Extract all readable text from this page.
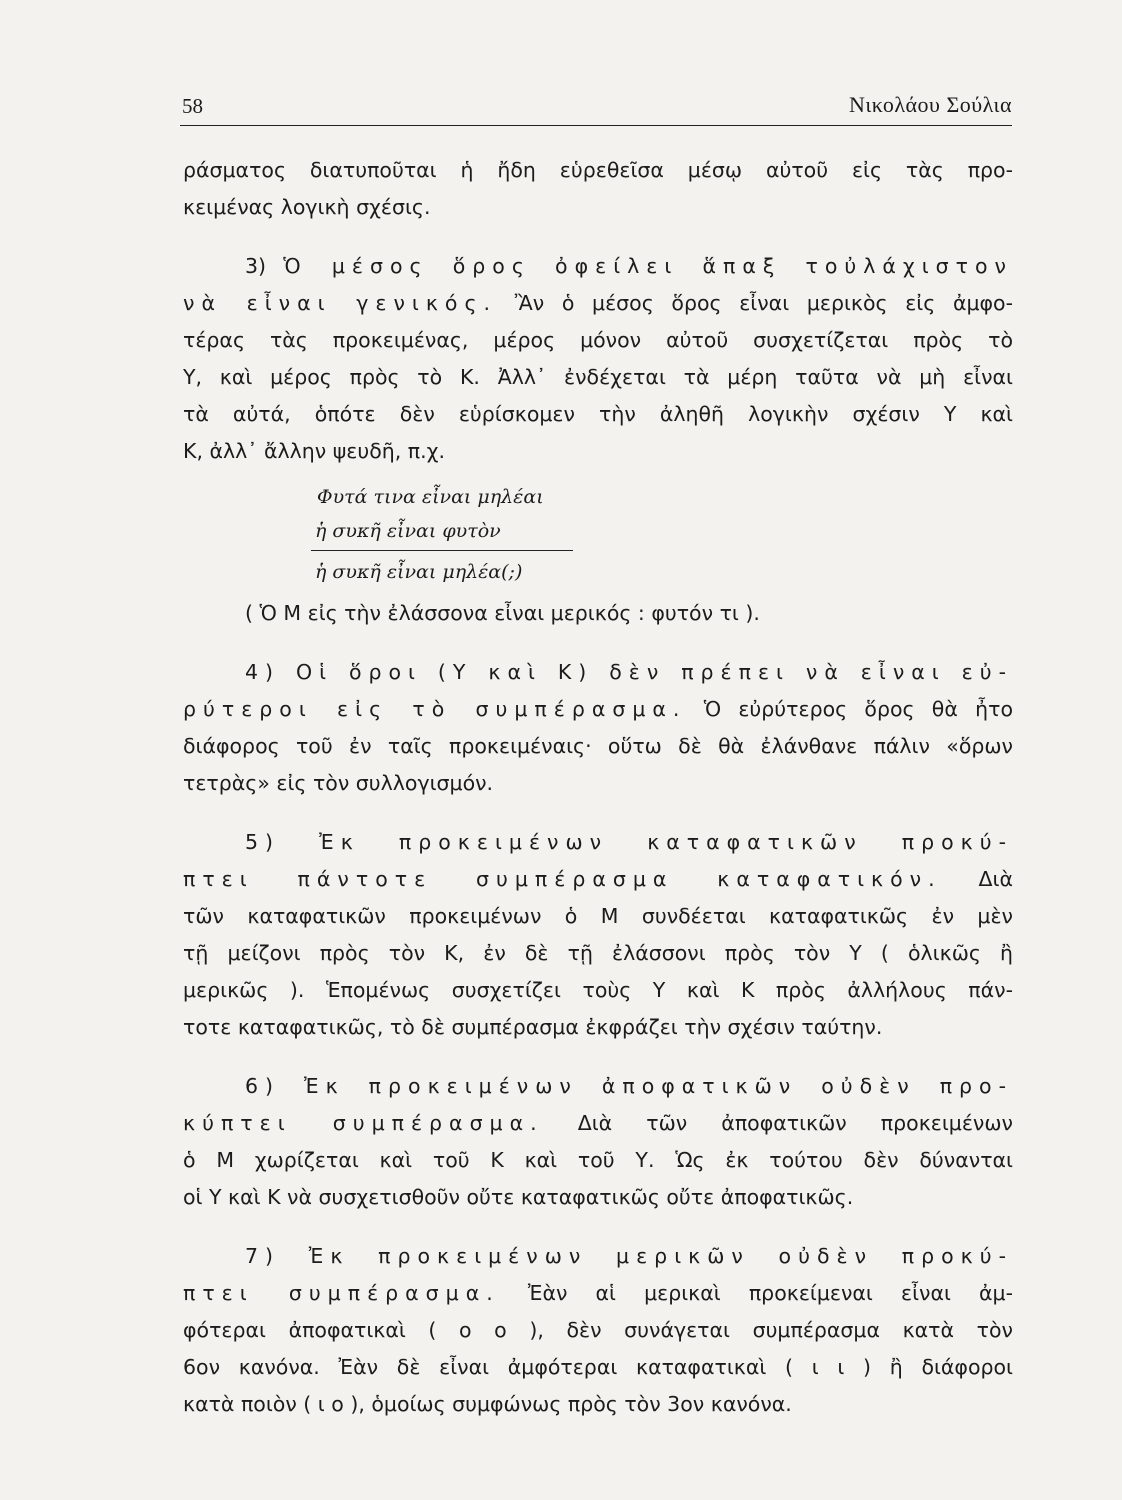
58	Νικολάου Σούλια
ράσματος διατυποῦται ἡ ἤδη εὑρεθεῖσα μέσῳ αὐτοῦ εἰς τὰς προ-
κειμένας λογικὴ σχέσις.
3) Ὁ μέσος ὅρος ὀφείλει ἅπαξ τοὐλάχιστον
νὰ εἶναι γενικός. Ἂν ὁ μέσος ὅρος εἶναι μερικὸς εἰς ἀμφο-
τέρας τὰς προκειμένας, μέρος μόνον αὐτοῦ συσχετίζεται πρὸς τὸ
Υ, καὶ μέρος πρὸς τὸ Κ. Ἀλλ᾽ ἐνδέχεται τὰ μέρη ταῦτα νὰ μὴ εἶναι
τὰ αὐτά, ὁπότε δὲν εὑρίσκομεν τὴν ἀληθῆ λογικὴν σχέσιν Υ καὶ
Κ, ἀλλ᾽ ἄλλην ψευδῆ, π.χ.
Φυτά τινα εἶναι μηλέαι
ἡ συκῆ εἶναι φυτὸν
ἡ συκῆ εἶναι μηλέα(;)
( Ὁ Μ εἰς τὴν ἐλάσσονα εἶναι μερικός : φυτόν τι ).
4) Οἱ ὅροι (Υ καὶ Κ) δὲν πρέπει νὰ εἶναι εὐ-
ρύτεροι εἰς τὸ συμπέρασμα. Ὁ εὐρύτερος ὅρος θὰ ἦτο
διάφορος τοῦ ἐν ταῖς προκειμέναις· οὕτω δὲ θὰ ἐλάνθανε πάλιν «ὅρων
τετρὰς» εἰς τὸν συλλογισμόν.
5) Ἐκ προκειμένων καταφατικῶν προκύ-
πτει πάντοτε συμπέρασμα καταφατικόν. Διὰ
τῶν καταφατικῶν προκειμένων ὁ Μ συνδέεται καταφατικῶς ἐν μὲν
τῇ μείζονι πρὸς τὸν Κ, ἐν δὲ τῇ ἐλάσσονι πρὸς τὸν Υ ( ὁλικῶς ἢ
μερικῶς ). Ἑπομένως συσχετίζει τοὺς Υ καὶ Κ πρὸς ἀλλήλους πάν-
τοτε καταφατικῶς, τὸ δὲ συμπέρασμα ἐκφράζει τὴν σχέσιν ταύτην.
6) Ἐκ προκειμένων ἀποφατικῶν οὐδὲν προ-
κύπτει συμπέρασμα. Διὰ τῶν ἀποφατικῶν προκειμένων
ὁ Μ χωρίζεται καὶ τοῦ Κ καὶ τοῦ Υ. Ὡς ἐκ τούτου δὲν δύνανται
οἱ Υ καὶ Κ νὰ συσχετισθοῦν οὔτε καταφατικῶς οὔτε ἀποφατικῶς.
7) Ἐκ προκειμένων μερικῶν οὐδὲν προκύ-
πτει συμπέρασμα. Ἐὰν αἱ μερικαὶ προκείμεναι εἶναι ἀμ-
φότεραι ἀποφατικαὶ ( ο ο ), δὲν συνάγεται συμπέρασμα κατὰ τὸν
6ον κανόνα. Ἐὰν δὲ εἶναι ἀμφότεραι καταφατικαὶ ( ι ι ) ἢ διάφοροι
κατὰ ποιὸν ( ι ο ), ὁμοίως συμφώνως πρὸς τὸν 3ον κανόνα.
